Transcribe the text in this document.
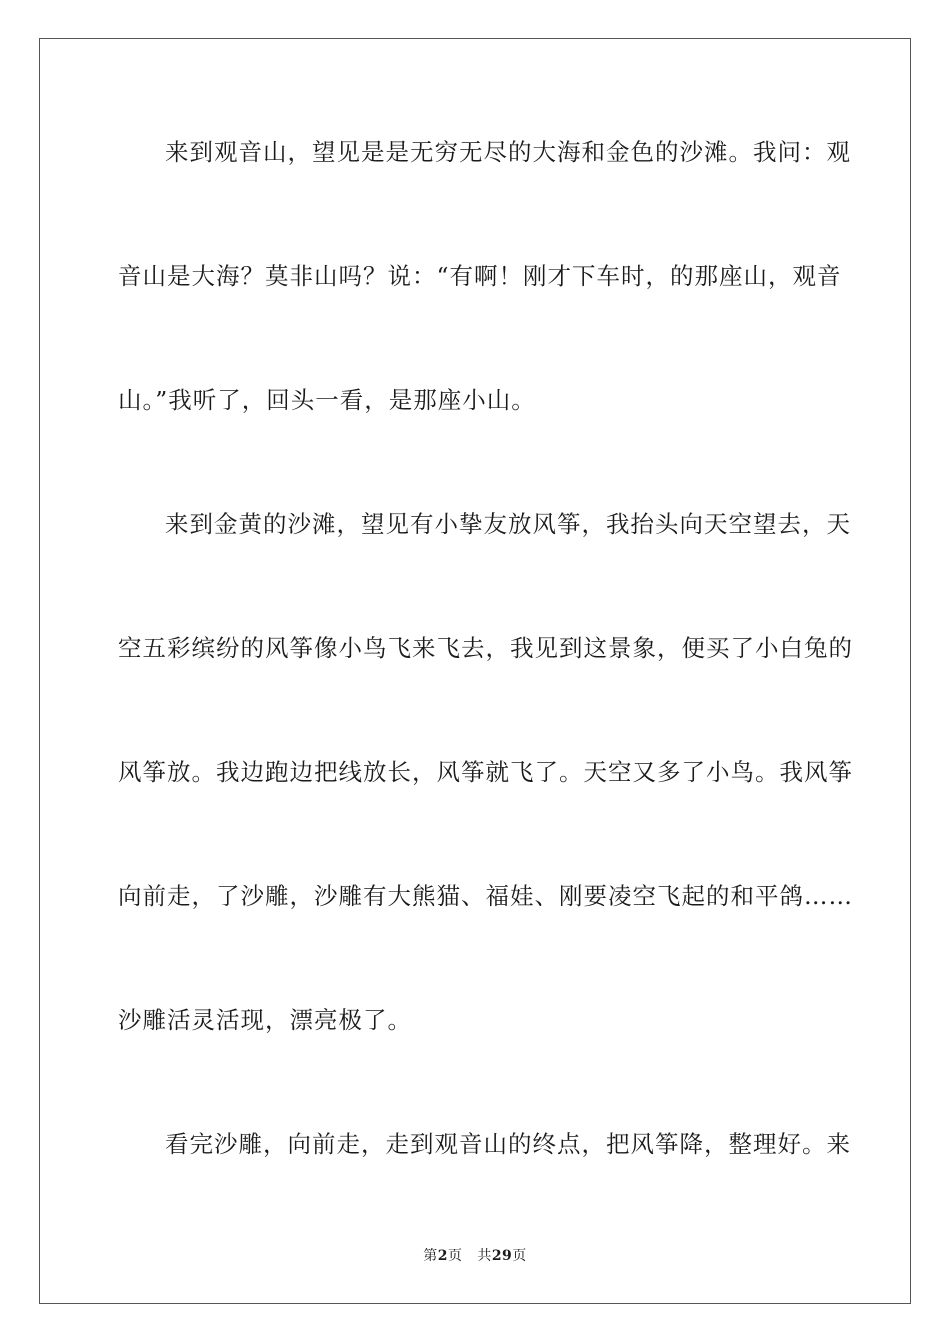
来到观音山，望见是是无穷无尽的大海和金色的沙滩。我问：观
音山是大海？莫非山吗？说：“有啊！刚才下车时，的那座山，观音
山。”我听了，回头一看，是那座小山。
来到金黄的沙滩，望见有小挚友放风筝，我抬头向天空望去，天
空五彩缤纷的风筝像小鸟飞来飞去，我见到这景象，便买了小白兔的
风筝放。我边跑边把线放长，风筝就飞了。天空又多了小鸟。我风筝
向前走，了沙雕，沙雕有大熊猫、福娃、刚要凌空飞起的和平鸽……
沙雕活灵活现，漂亮极了。
看完沙雕，向前走，走到观音山的终点，把风筝降，整理好。来
第2页 共29页
